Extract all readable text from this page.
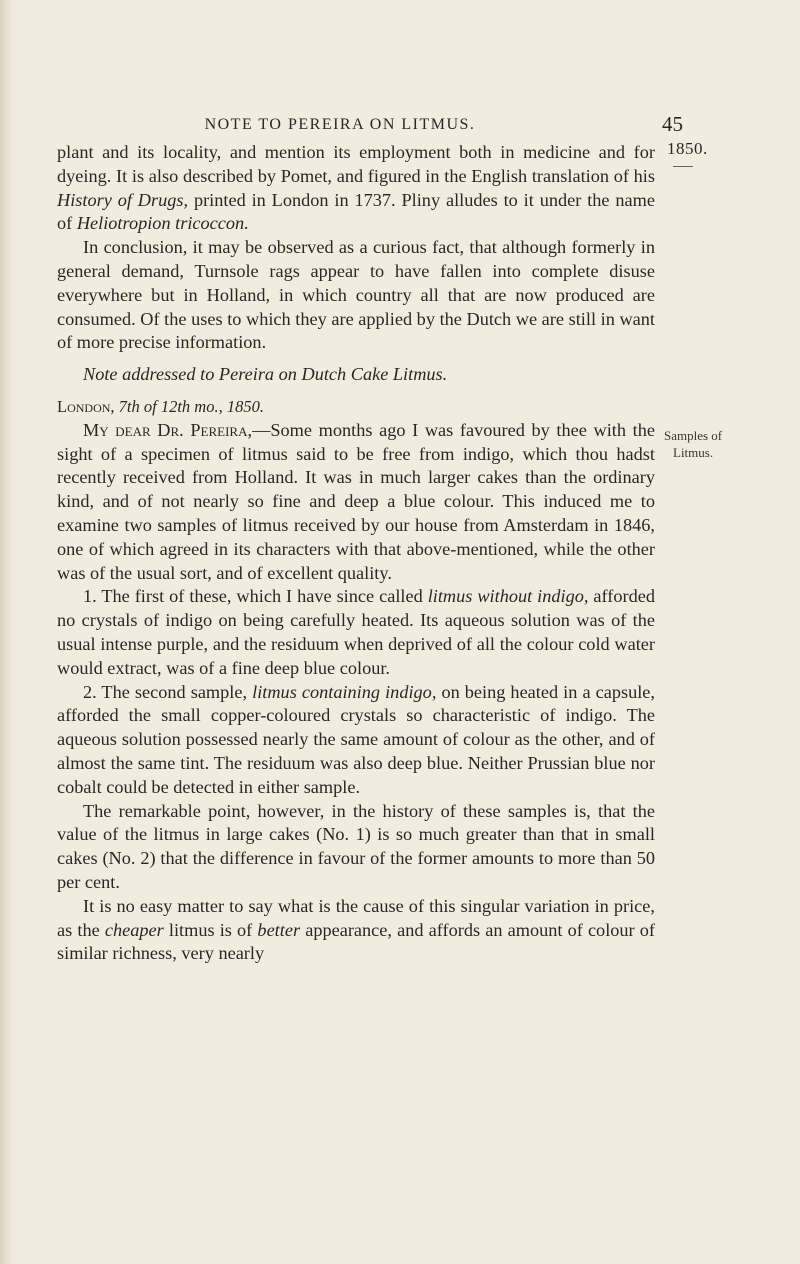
NOTE TO PEREIRA ON LITMUS.	45
1850.
Samples of
Litmus.

plant and its locality, and mention its employment both in medicine and for dyeing. It is also described by Pomet, and figured in the English translation of his History of Drugs, printed in London in 1737. Pliny alludes to it under the name of Heliotropion tricoccon.

In conclusion, it may be observed as a curious fact, that although formerly in general demand, Turnsole rags appear to have fallen into complete disuse everywhere but in Holland, in which country all that are now produced are consumed. Of the uses to which they are applied by the Dutch we are still in want of more precise information.

Note addressed to Pereira on Dutch Cake Litmus.

London, 7th of 12th mo., 1850.

My dear Dr. Pereira,—Some months ago I was favoured by thee with the sight of a specimen of litmus said to be free from indigo, which thou hadst recently received from Holland. It was in much larger cakes than the ordinary kind, and of not nearly so fine and deep a blue colour. This induced me to examine two samples of litmus received by our house from Amsterdam in 1846, one of which agreed in its characters with that above-mentioned, while the other was of the usual sort, and of excellent quality.

1. The first of these, which I have since called litmus without indigo, afforded no crystals of indigo on being carefully heated. Its aqueous solution was of the usual intense purple, and the residuum when deprived of all the colour cold water would extract, was of a fine deep blue colour.

2. The second sample, litmus containing indigo, on being heated in a capsule, afforded the small copper-coloured crystals so characteristic of indigo. The aqueous solution possessed nearly the same amount of colour as the other, and of almost the same tint. The residuum was also deep blue. Neither Prussian blue nor cobalt could be detected in either sample.

The remarkable point, however, in the history of these samples is, that the value of the litmus in large cakes (No. 1) is so much greater than that in small cakes (No. 2) that the difference in favour of the former amounts to more than 50 per cent.

It is no easy matter to say what is the cause of this singular variation in price, as the cheaper litmus is of better appearance, and affords an amount of colour of similar richness, very nearly
